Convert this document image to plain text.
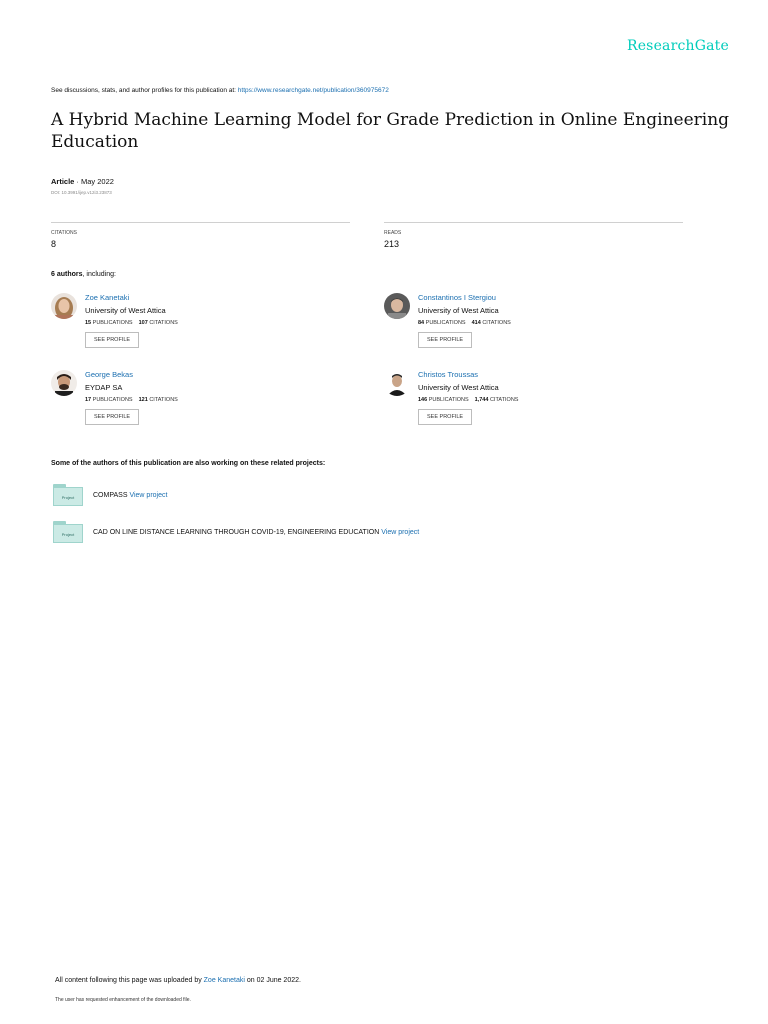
ResearchGate
See discussions, stats, and author profiles for this publication at: https://www.researchgate.net/publication/360975672
A Hybrid Machine Learning Model for Grade Prediction in Online Engineering Education
Article · May 2022
DOI: 10.3991/ijep.v12i3.23873
CITATIONS
8
READS
213
6 authors, including:
Zoe Kanetaki
University of West Attica
15 PUBLICATIONS 107 CITATIONS
SEE PROFILE
Constantinos I Stergiou
University of West Attica
84 PUBLICATIONS 414 CITATIONS
SEE PROFILE
George Bekas
EYDAP SA
17 PUBLICATIONS 121 CITATIONS
SEE PROFILE
Christos Troussas
University of West Attica
146 PUBLICATIONS 1,744 CITATIONS
SEE PROFILE
Some of the authors of this publication are also working on these related projects:
Project	COMPASS View project
Project	CAD ON LINE DISTANCE LEARNING THROUGH COVID-19, ENGINEERING EDUCATION View project
All content following this page was uploaded by Zoe Kanetaki on 02 June 2022.
The user has requested enhancement of the downloaded file.
